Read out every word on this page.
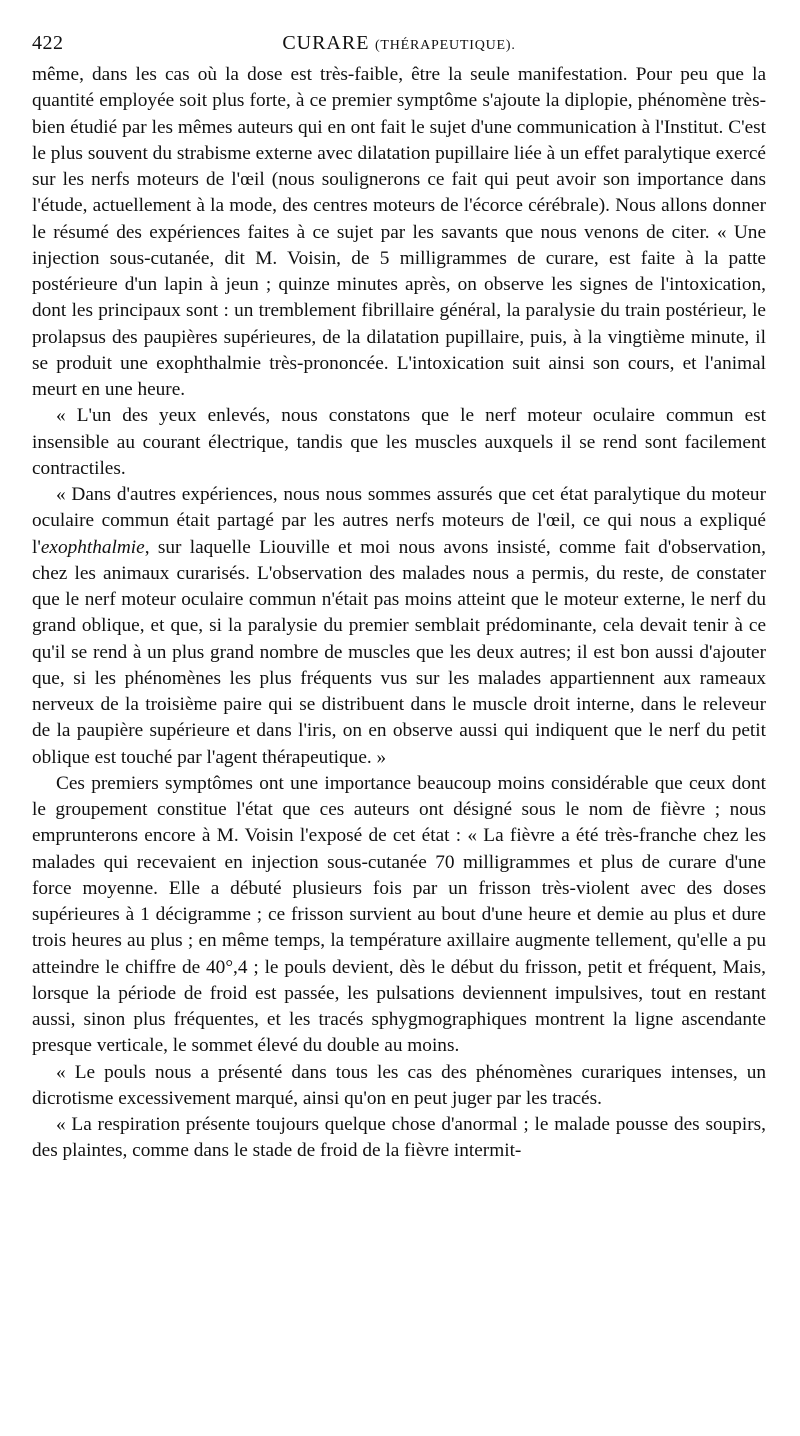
422	CURARE (THÉRAPEUTIQUE).

même, dans les cas où la dose est très-faible, être la seule manifestation. Pour peu que la quantité employée soit plus forte, à ce premier symptôme s'ajoute la diplopie, phénomène très-bien étudié par les mêmes auteurs qui en ont fait le sujet d'une communication à l'Institut. C'est le plus souvent du strabisme externe avec dilatation pupillaire liée à un effet paralytique exercé sur les nerfs moteurs de l'œil (nous soulignerons ce fait qui peut avoir son importance dans l'étude, actuellement à la mode, des centres moteurs de l'écorce cérébrale). Nous allons donner le résumé des expériences faites à ce sujet par les savants que nous venons de citer. « Une injection sous-cutanée, dit M. Voisin, de 5 milligrammes de curare, est faite à la patte postérieure d'un lapin à jeun ; quinze minutes après, on observe les signes de l'intoxication, dont les principaux sont : un tremblement fibrillaire général, la paralysie du train postérieur, le prolapsus des paupières supérieures, de la dilatation pupillaire, puis, à la vingtième minute, il se produit une exophthalmie très-prononcée. L'intoxication suit ainsi son cours, et l'animal meurt en une heure.

« L'un des yeux enlevés, nous constatons que le nerf moteur oculaire commun est insensible au courant électrique, tandis que les muscles auxquels il se rend sont facilement contractiles.

« Dans d'autres expériences, nous nous sommes assurés que cet état paralytique du moteur oculaire commun était partagé par les autres nerfs moteurs de l'œil, ce qui nous a expliqué l'exophthalmie, sur laquelle Liouville et moi nous avons insisté, comme fait d'observation, chez les animaux curarisés. L'observation des malades nous a permis, du reste, de constater que le nerf moteur oculaire commun n'était pas moins atteint que le moteur externe, le nerf du grand oblique, et que, si la paralysie du premier semblait prédominante, cela devait tenir à ce qu'il se rend à un plus grand nombre de muscles que les deux autres; il est bon aussi d'ajouter que, si les phénomènes les plus fréquents vus sur les malades appartiennent aux rameaux nerveux de la troisième paire qui se distribuent dans le muscle droit interne, dans le releveur de la paupière supérieure et dans l'iris, on en observe aussi qui indiquent que le nerf du petit oblique est touché par l'agent thérapeutique. »

Ces premiers symptômes ont une importance beaucoup moins considérable que ceux dont le groupement constitue l'état que ces auteurs ont désigné sous le nom de fièvre ; nous emprunterons encore à M. Voisin l'exposé de cet état : « La fièvre a été très-franche chez les malades qui recevaient en injection sous-cutanée 70 milligrammes et plus de curare d'une force moyenne. Elle a débuté plusieurs fois par un frisson très-violent avec des doses supérieures à 1 décigramme ; ce frisson survient au bout d'une heure et demie au plus et dure trois heures au plus ; en même temps, la température axillaire augmente tellement, qu'elle a pu atteindre le chiffre de 40°,4 ; le pouls devient, dès le début du frisson, petit et fréquent, Mais, lorsque la période de froid est passée, les pulsations deviennent impulsives, tout en restant aussi, sinon plus fréquentes, et les tracés sphygmographiques montrent la ligne ascendante presque verticale, le sommet élevé du double au moins.

« Le pouls nous a présenté dans tous les cas des phénomènes curariques intenses, un dicrotisme excessivement marqué, ainsi qu'on en peut juger par les tracés.

« La respiration présente toujours quelque chose d'anormal ; le malade pousse des soupirs, des plaintes, comme dans le stade de froid de la fièvre intermit-
